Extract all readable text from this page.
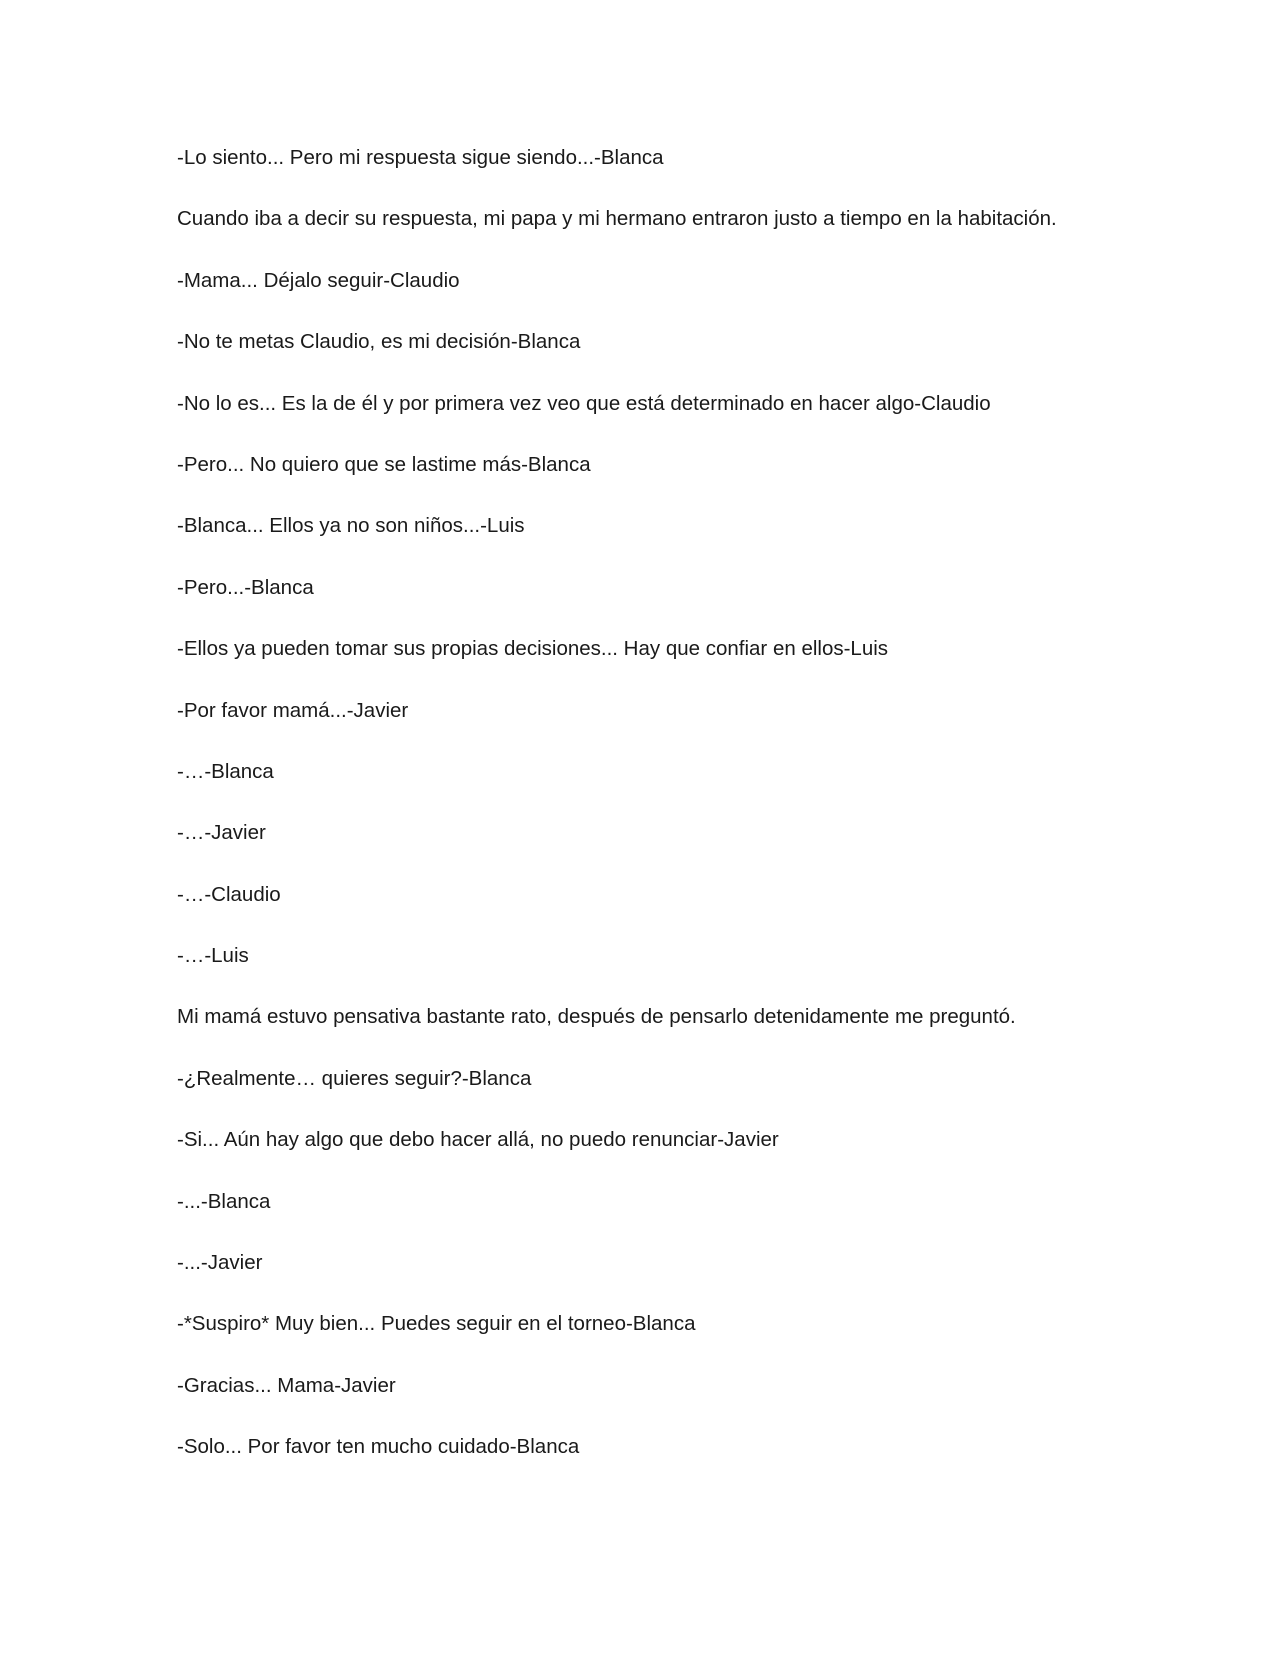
-Lo siento... Pero mi respuesta sigue siendo...-Blanca

Cuando iba a decir su respuesta, mi papa y mi hermano entraron justo a tiempo en la habitación.

-Mama... Déjalo seguir-Claudio

-No te metas Claudio, es mi decisión-Blanca

-No lo es... Es la de él y por primera vez veo que está determinado en hacer algo-Claudio

-Pero... No quiero que se lastime más-Blanca

-Blanca... Ellos ya no son niños...-Luis

-Pero...-Blanca

-Ellos ya pueden tomar sus propias decisiones... Hay que confiar en ellos-Luis

-Por favor mamá...-Javier

-…-Blanca

-…-Javier

-…-Claudio

-…-Luis

Mi mamá estuvo pensativa bastante rato, después de pensarlo detenidamente me preguntó.

-¿Realmente… quieres seguir?-Blanca

-Si... Aún hay algo que debo hacer allá, no puedo renunciar-Javier

-...-Blanca

-...-Javier

-*Suspiro* Muy bien... Puedes seguir en el torneo-Blanca

-Gracias... Mama-Javier

-Solo... Por favor ten mucho cuidado-Blanca
